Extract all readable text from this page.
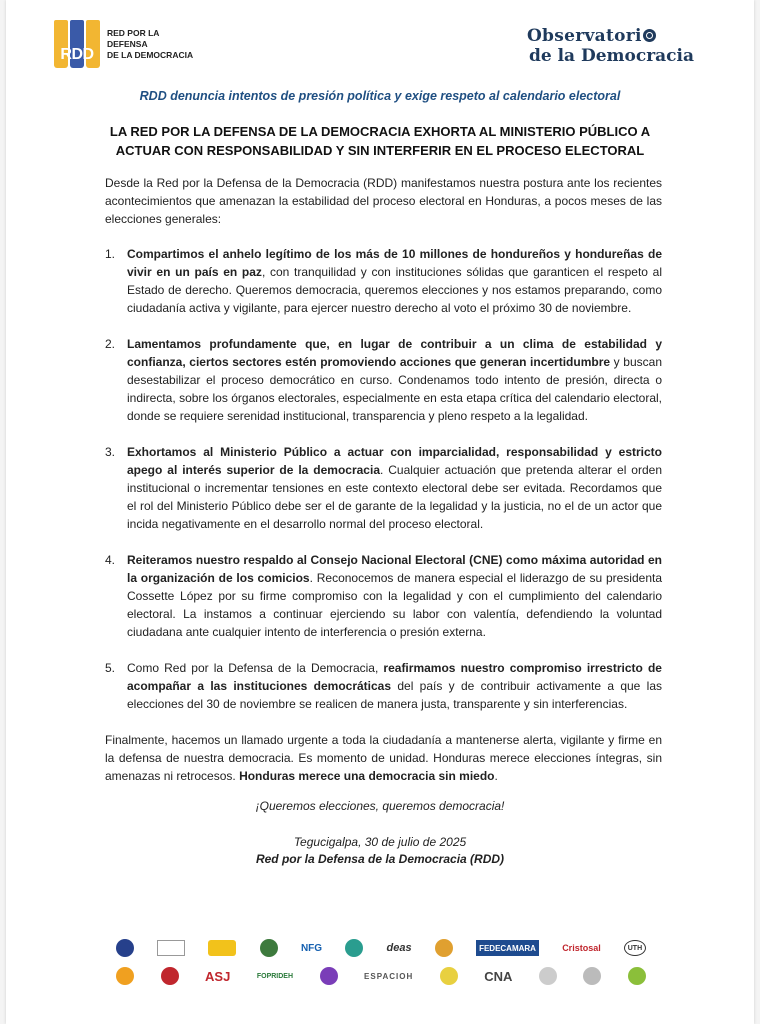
RDD
RED POR LA DEFENSA
DE LA DEMOCRACIA
Observatori
de la Democracia
RDD denuncia intentos de presión política y exige respeto al calendario electoral
LA RED POR LA DEFENSA DE LA DEMOCRACIA EXHORTA AL MINISTERIO PÚBLICO A
ACTUAR CON RESPONSABILIDAD Y SIN INTERFERIR EN EL PROCESO ELECTORAL

Desde la Red por la Defensa de la Democracia (RDD) manifestamos nuestra postura ante los recientes acontecimientos que amenazan la estabilidad del proceso electoral en Honduras, a pocos meses de las elecciones generales:

1. Compartimos el anhelo legítimo de los más de 10 millones de hondureños y hondureñas de vivir en un país en paz, con tranquilidad y con instituciones sólidas que garanticen el respeto al Estado de derecho. Queremos democracia, queremos elecciones y nos estamos preparando, como ciudadanía activa y vigilante, para ejercer nuestro derecho al voto el próximo 30 de noviembre.

2. Lamentamos profundamente que, en lugar de contribuir a un clima de estabilidad y confianza, ciertos sectores estén promoviendo acciones que generan incertidumbre y buscan desestabilizar el proceso democrático en curso. Condenamos todo intento de presión, directa o indirecta, sobre los órganos electorales, especialmente en esta etapa crítica del calendario electoral, donde se requiere serenidad institucional, transparencia y pleno respeto a la legalidad.

3. Exhortamos al Ministerio Público a actuar con imparcialidad, responsabilidad y estricto apego al interés superior de la democracia. Cualquier actuación que pretenda alterar el orden institucional o incrementar tensiones en este contexto electoral debe ser evitada. Recordamos que el rol del Ministerio Público debe ser el de garante de la legalidad y la justicia, no el de un actor que incida negativamente en el desarrollo normal del proceso electoral.

4. Reiteramos nuestro respaldo al Consejo Nacional Electoral (CNE) como máxima autoridad en la organización de los comicios. Reconocemos de manera especial el liderazgo de su presidenta Cossette López por su firme compromiso con la legalidad y con el cumplimiento del calendario electoral. La instamos a continuar ejerciendo su labor con valentía, defendiendo la voluntad ciudadana ante cualquier intento de interferencia o presión externa.

5. Como Red por la Defensa de la Democracia, reafirmamos nuestro compromiso irrestricto de acompañar a las instituciones democráticas del país y de contribuir activamente a que las elecciones del 30 de noviembre se realicen de manera justa, transparente y sin interferencias.

Finalmente, hacemos un llamado urgente a toda la ciudadanía a mantenerse alerta, vigilante y firme en la defensa de nuestra democracia. Es momento de unidad. Honduras merece elecciones íntegras, sin amenazas ni retrocesos. Honduras merece una democracia sin miedo.

¡Queremos elecciones, queremos democracia!
Tegucigalpa, 30 de julio de 2025
Red por la Defensa de la Democracia (RDD)
NFG	deas	FEDECAMARA	Cristosal	UTH
ASJ	FOPRIDEH	ESPACIOH	CNA
